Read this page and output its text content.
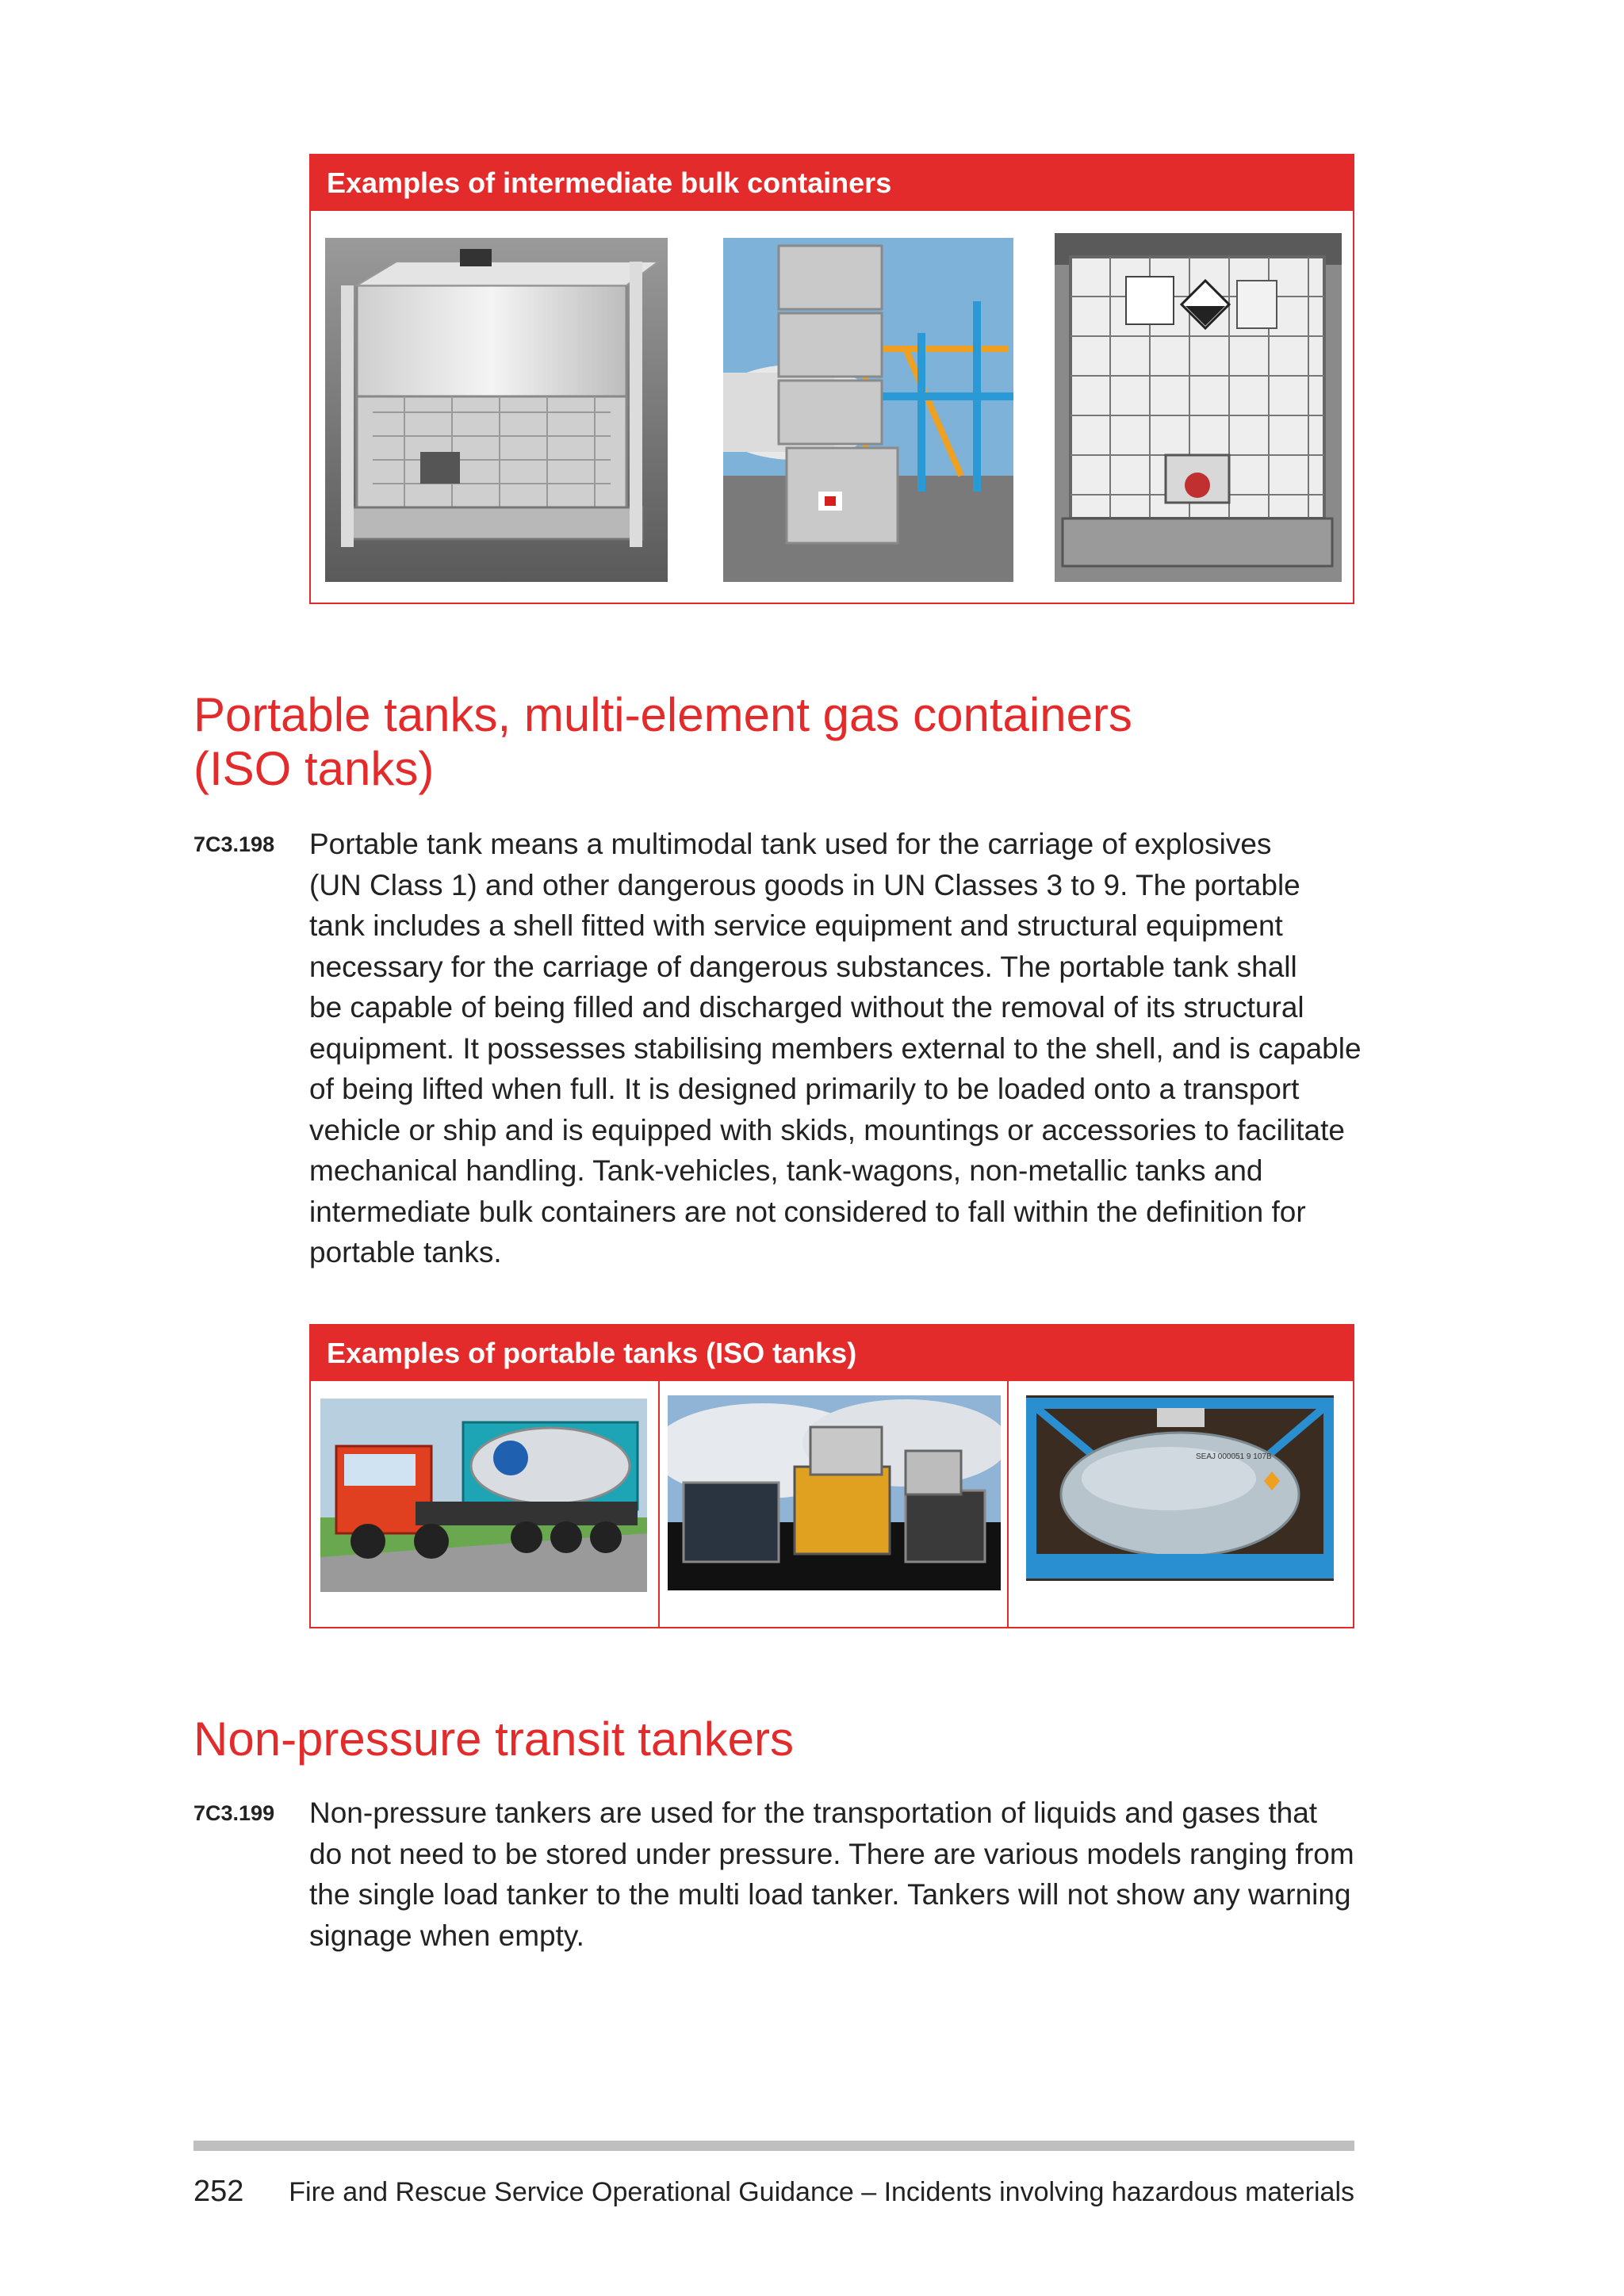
Examples of intermediate bulk containers
Portable tanks, multi-element gas containers
(ISO tanks)
7C3.198 Portable tank means a multimodal tank used for the carriage of explosives

(UN Class 1) and other dangerous goods in UN Classes 3 to 9. The portable

tank includes a shell fitted with service equipment and structural equipment

necessary for the carriage of dangerous substances. The portable tank shall

be capable of being filled and discharged without the removal of its structural

equipment. It possesses stabilising members external to the shell, and is capable

of being lifted when full. It is designed primarily to be loaded onto a transport

vehicle or ship and is equipped with skids, mountings or accessories to facilitate

mechanical handling. Tank-vehicles, tank-wagons, non-metallic tanks and

intermediate bulk containers are not considered to fall within the definition for

portable tanks.

Examples of portable tanks (ISO tanks)
SEAJ 000051 9 107B
Non-pressure transit tankers
7C3.199 Non-pressure tankers are used for the transportation of liquids and gases that

do not need to be stored under pressure. There are various models ranging from

the single load tanker to the multi load tanker. Tankers will not show any warning

signage when empty.

252 Fire and Rescue Service Operational Guidance – Incidents involving hazardous materials
